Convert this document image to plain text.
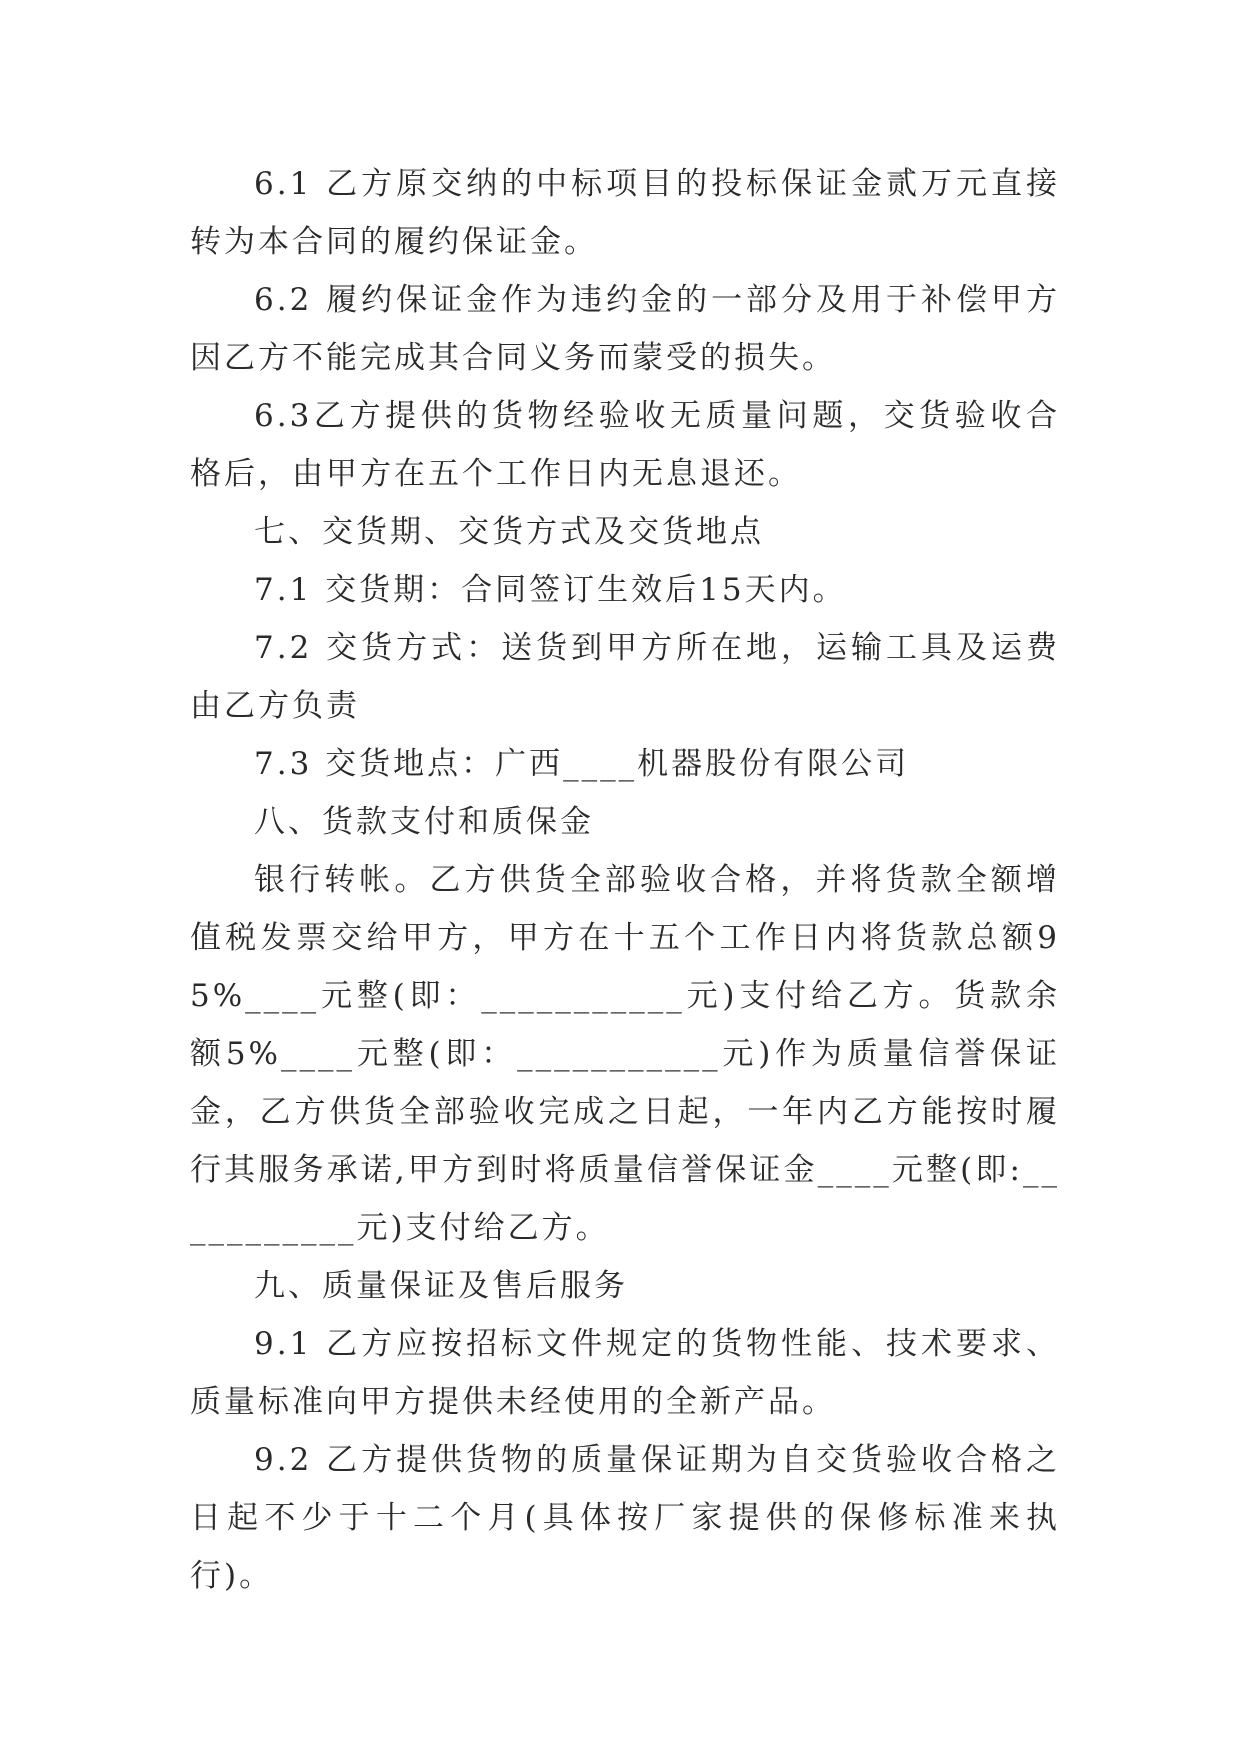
6.1 乙方原交纳的中标项目的投标保证金贰万元直接转为本合同的履约保证金。

6.2 履约保证金作为违约金的一部分及用于补偿甲方因乙方不能完成其合同义务而蒙受的损失。

6.3乙方提供的货物经验收无质量问题，交货验收合格后，由甲方在五个工作日内无息退还。

七、交货期、交货方式及交货地点

7.1 交货期：合同签订生效后15天内。

7.2 交货方式：送货到甲方所在地，运输工具及运费由乙方负责

7.3 交货地点：广西____机器股份有限公司

八、货款支付和质保金

银行转帐。乙方供货全部验收合格，并将货款全额增值税发票交给甲方，甲方在十五个工作日内将货款总额95%____元整(即：___________元)支付给乙方。货款余额5%____元整(即：___________元)作为质量信誉保证金，乙方供货全部验收完成之日起，一年内乙方能按时履行其服务承诺,甲方到时将质量信誉保证金____元整(即:___________元)支付给乙方。

九、质量保证及售后服务

9.1 乙方应按招标文件规定的货物性能、技术要求、质量标准向甲方提供未经使用的全新产品。

9.2 乙方提供货物的质量保证期为自交货验收合格之日起不少于十二个月(具体按厂家提供的保修标准来执行)。
